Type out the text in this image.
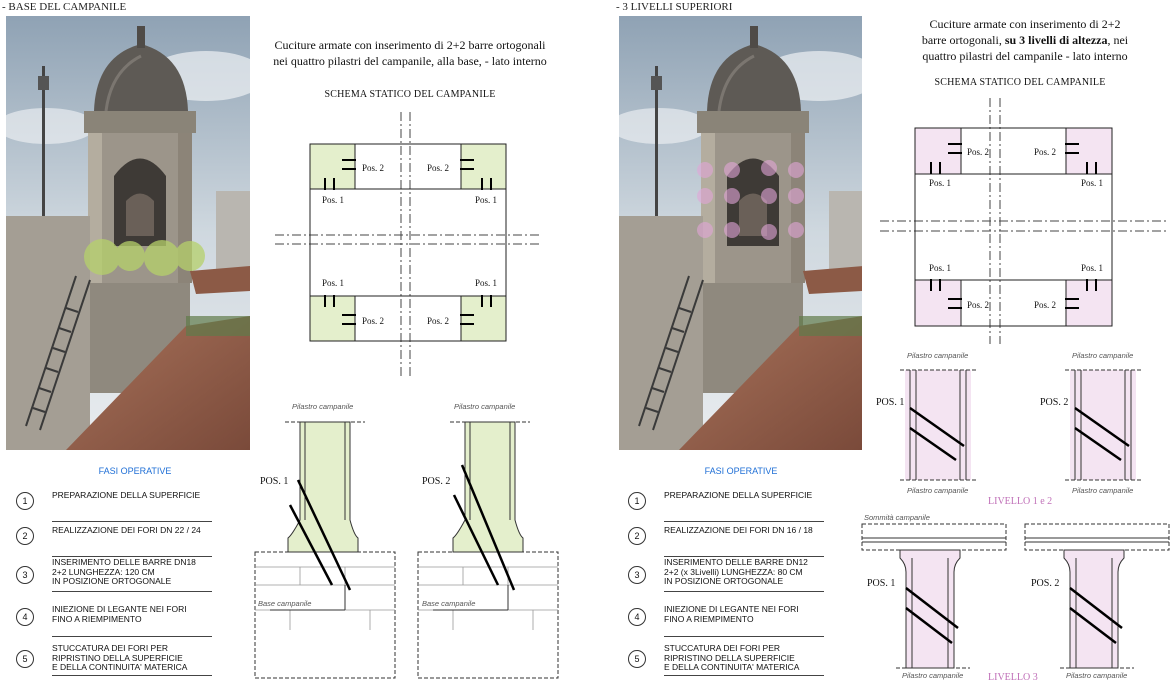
- BASE DEL CAMPANILE
Cuciture armate con inserimento di 2+2 barre ortogonali
nei quattro pilastri del campanile, alla base, - lato interno
SCHEMA STATICO DEL CAMPANILE
Pos. 2
Pos. 1
Pos. 2
Pos. 1
Pos. 1
Pos. 2
Pos. 1
Pos. 2
Pilastro campanile
POS. 1
Base campanile
Pilastro campanile
POS. 2
Base campanile
FASI OPERATIVE
1
PREPARAZIONE DELLA SUPERFICIE
2
REALIZZAZIONE DEI FORI DN 22 / 24
3
INSERIMENTO DELLE BARRE DN18
2+2 LUNGHEZZA: 120 CM
IN POSIZIONE ORTOGONALE
4
INIEZIONE DI LEGANTE NEI FORI
FINO A RIEMPIMENTO
5
STUCCATURA DEI FORI PER
RIPRISTINO DELLA SUPERFICIE
E DELLA CONTINUITA' MATERICA
- 3 LIVELLI SUPERIORI
Cuciture armate con inserimento di 2+2
barre ortogonali, su 3 livelli di altezza, nei
quattro pilastri del campanile - lato interno
SCHEMA STATICO DEL CAMPANILE
Pos. 2
Pos. 1
Pos. 2
Pos. 1
Pos. 1
Pos. 2
Pos. 1
Pos. 2
Pilastro campanile
POS. 1
Pilastro campanile
Pilastro campanile
POS. 2
Pilastro campanile
LIVELLO 1 e 2
Sommità campanile
POS. 1
Pilastro campanile
POS. 2
Pilastro campanile
LIVELLO 3
FASI OPERATIVE
1
PREPARAZIONE DELLA SUPERFICIE
2
REALIZZAZIONE DEI FORI DN 16 / 18
3
INSERIMENTO DELLE BARRE DN12
2+2 (x 3Livelli) LUNGHEZZA: 80 CM
IN POSIZIONE ORTOGONALE
4
INIEZIONE DI LEGANTE NEI FORI
FINO A RIEMPIMENTO
5
STUCCATURA DEI FORI PER
RIPRISTINO DELLA SUPERFICIE
E DELLA CONTINUITA' MATERICA
